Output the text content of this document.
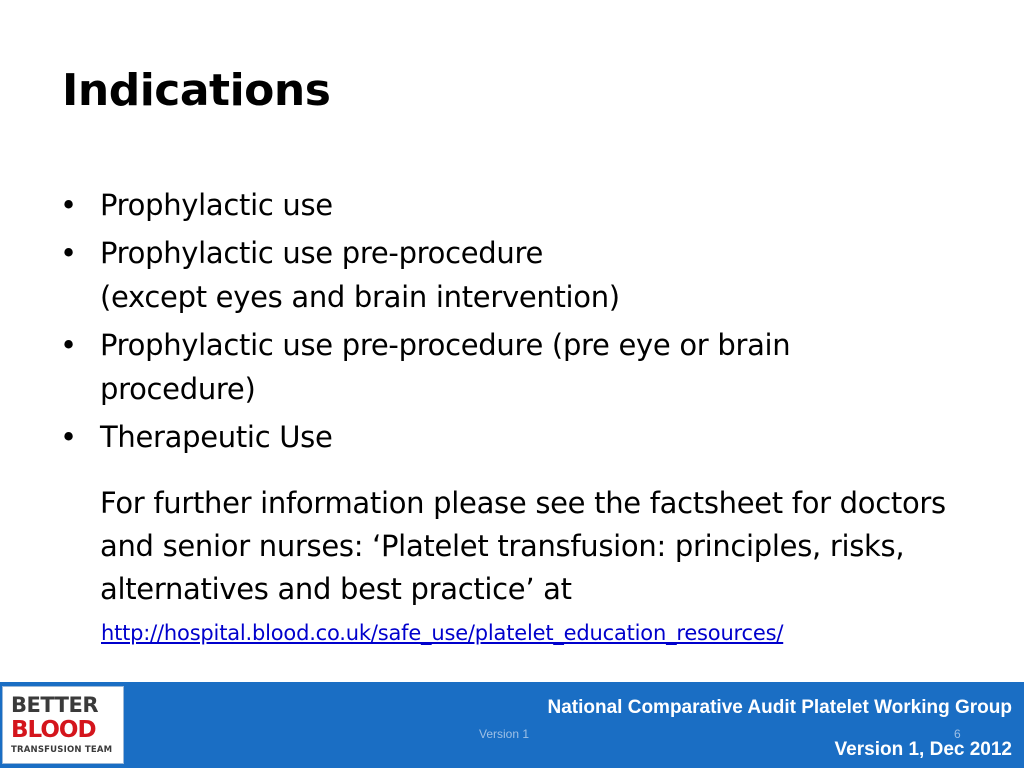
Indications
• Prophylactic use
• Prophylactic use pre-procedure
(except eyes and brain intervention)
• Prophylactic use pre-procedure (pre eye or brain
procedure)
• Therapeutic Use
For further information please see the factsheet for doctors and senior nurses: ‘Platelet transfusion: principles, risks, alternatives and best practice’ at
http://hospital.blood.co.uk/safe_use/platelet_education_resources/
BETTER
BLOOD
TRANSFUSION TEAM
National Comparative Audit Platelet Working Group
Version 1	6
Version 1, Dec 2012
